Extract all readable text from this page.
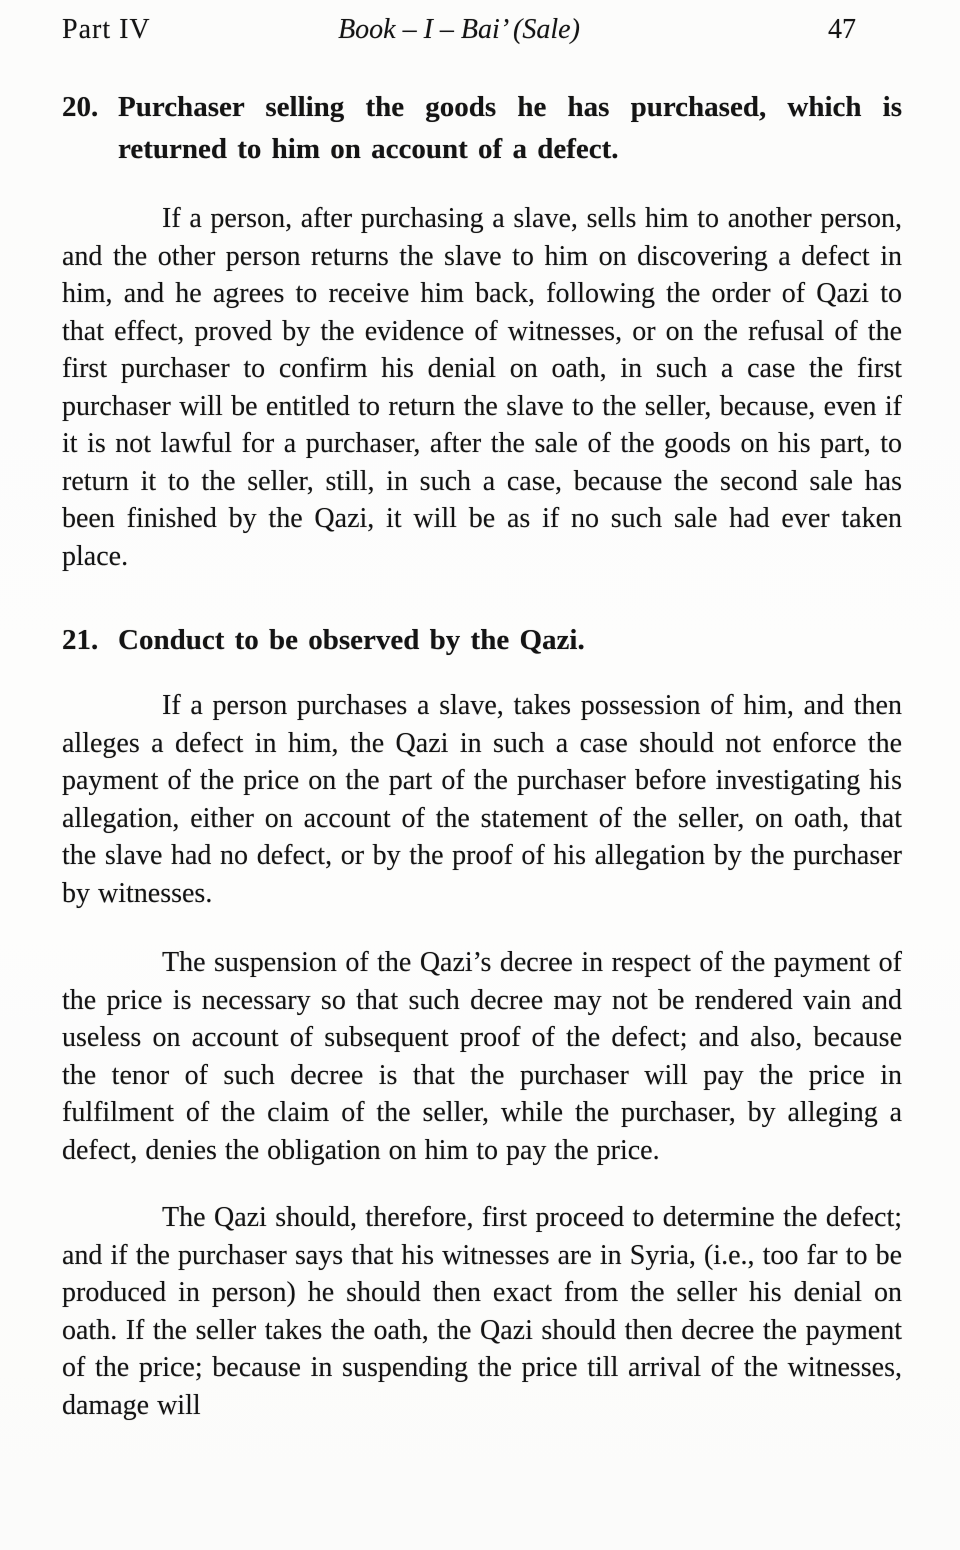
Part IV	Book – I – Bai’ (Sale)	47
20. Purchaser selling the goods he has purchased, which is returned to him on account of a defect.

If a person, after purchasing a slave, sells him to another person, and the other person returns the slave to him on discovering a defect in him, and he agrees to receive him back, following the order of Qazi to that effect, proved by the evidence of witnesses, or on the refusal of the first purchaser to confirm his denial on oath, in such a case the first purchaser will be entitled to return the slave to the seller, because, even if it is not lawful for a purchaser, after the sale of the goods on his part, to return it to the seller, still, in such a case, because the second sale has been finished by the Qazi, it will be as if no such sale had ever taken place.

21. Conduct to be observed by the Qazi.

If a person purchases a slave, takes possession of him, and then alleges a defect in him, the Qazi in such a case should not enforce the payment of the price on the part of the purchaser before investigating his allegation, either on account of the statement of the seller, on oath, that the slave had no defect, or by the proof of his allegation by the purchaser by witnesses.

The suspension of the Qazi’s decree in respect of the payment of the price is necessary so that such decree may not be rendered vain and useless on account of subsequent proof of the defect; and also, because the tenor of such decree is that the purchaser will pay the price in fulfilment of the claim of the seller, while the purchaser, by alleging a defect, denies the obligation on him to pay the price.

The Qazi should, therefore, first proceed to determine the defect; and if the purchaser says that his witnesses are in Syria, (i.e., too far to be produced in person) he should then exact from the seller his denial on oath. If the seller takes the oath, the Qazi should then decree the payment of the price; because in suspending the price till arrival of the witnesses, damage will
